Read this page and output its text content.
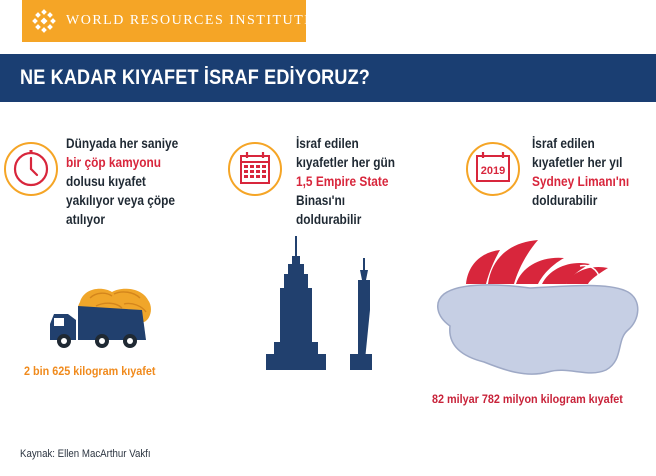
WORLD RESOURCES INSTITUTE
NE KADAR KIYAFET İSRAF EDİYORUZ?
Dünyada her saniye
bir çöp kamyonu
dolusu kıyafet
yakılıyor veya çöpe
atılıyor
2 bin 625 kilogram kıyafet
İsraf edilen
kıyafetler her gün
1,5 Empire State
Binası'nı
doldurabilir
2019
İsraf edilen
kıyafetler her yıl
Sydney Limanı'nı
doldurabilir
82 milyar 782 milyon kilogram kıyafet
Kaynak: Ellen MacArthur Vakfı
